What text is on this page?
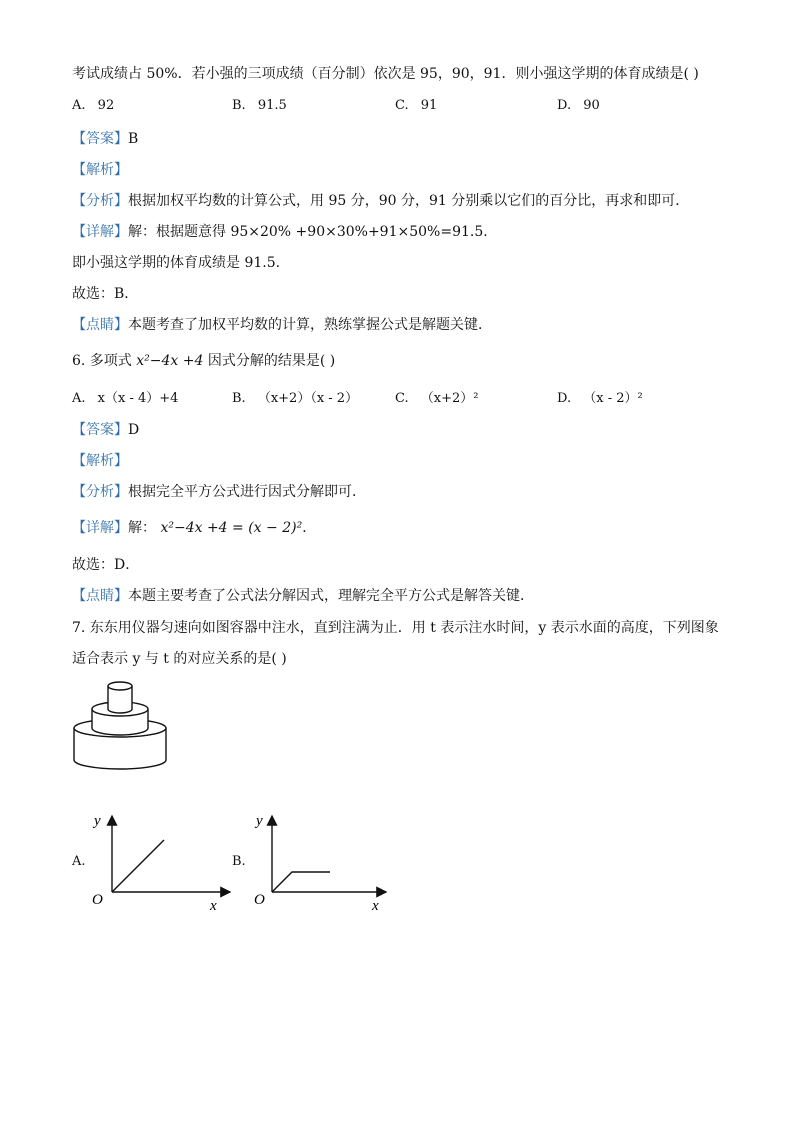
考试成绩占 50%．若小强的三项成绩（百分制）依次是 95，90，91．则小强这学期的体育成绩是( )
A. 92	B. 91.5	C. 91	D. 90
【答案】B
【解析】
【分析】根据加权平均数的计算公式，用 95 分，90 分，91 分别乘以它们的百分比，再求和即可．
【详解】解：根据题意得 95×20% +90×30%+91×50%=91.5.
即小强这学期的体育成绩是 91.5.
故选：B．
【点睛】本题考查了加权平均数的计算，熟练掌握公式是解题关键．
6. 多项式 x²−4x +4 因式分解的结果是( )
A. x（x - 4）+4	B. （x+2）（x - 2）	C. （x+2）²	D. （x - 2）²
【答案】D
【解析】
【分析】根据完全平方公式进行因式分解即可．
【详解】解： x²−4x +4 = (x − 2)²．
故选：D．
【点睛】本题主要考查了公式法分解因式，理解完全平方公式是解答关键．
7. 东东用仪器匀速向如图容器中注水，直到注满为止．用 t 表示注水时间，y 表示水面的高度，下列图象
适合表示 y 与 t 的对应关系的是( )
A.
y
x
O
B.
y
x
O
